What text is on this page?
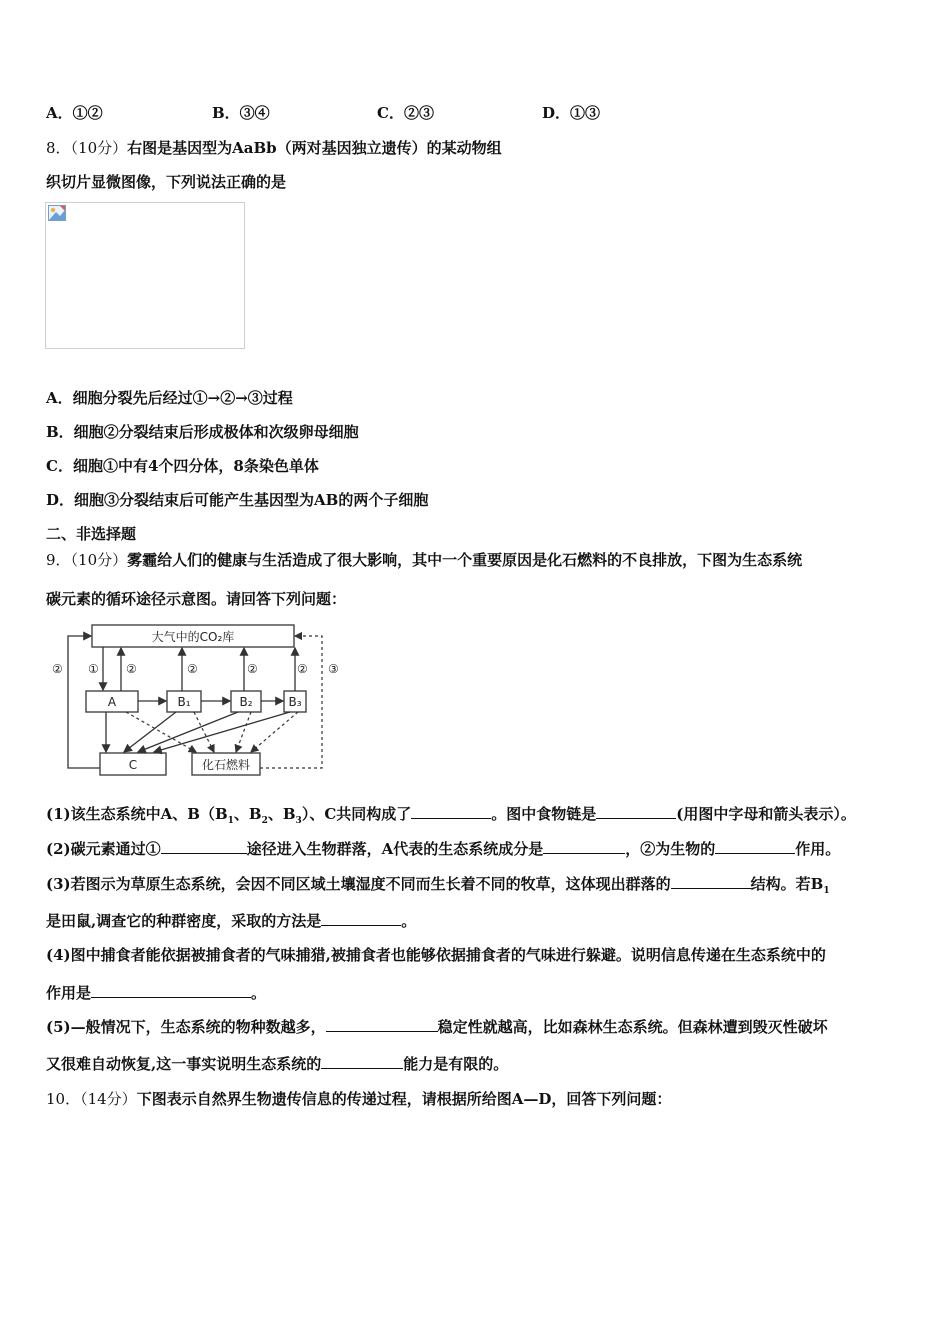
A．①②	B．③④	C．②③	D．①③
8．（10分）右图是基因型为AaBb（两对基因独立遗传）的某动物组
织切片显微图像，下列说法正确的是
A．细胞分裂先后经过①→②→③过程
B．细胞②分裂结束后形成极体和次级卵母细胞
C．细胞①中有4个四分体，8条染色单体
D．细胞③分裂结束后可能产生基因型为AB的两个子细胞
二、非选择题
9．（10分）雾霾给人们的健康与生活造成了很大影响，其中一个重要原因是化石燃料的不良排放，下图为生态系统
碳元素的循环途径示意图。请回答下列问题：
大气中的CO₂库
A	B₁	B₂	B₃
C	化石燃料
② ① ②	②	②	② ③
(1)该生态系统中A、$B(B_1$、$B_2$、$B_3$）、C共同构成了	。图中食物链是	(用图中字母和箭头表示）。
(2)碳元素通过①	途径进入生物群落，A代表的生态系统成分是	，②为生物的	作用。
(3)若图示为草原生态系统，会因不同区域土壤湿度不同而生长着不同的牧草，这体现出群落的	结构。若$B_1$
是田鼠,调查它的种群密度，采取的方法是	。
(4)图中捕食者能依据被捕食者的气味捕猎,被捕食者也能够依据捕食者的气味进行躲避。说明信息传递在生态系统中的
作用是	。
(5)—般情况下，生态系统的物种数越多，	稳定性就越高，比如森林生态系统。但森林遭到毁灭性破坏
又很难自动恢复,这一事实说明生态系统的	能力是有限的。
10．（14分）下图表示自然界生物遗传信息的传递过程，请根据所给图A—D，回答下列问题：
